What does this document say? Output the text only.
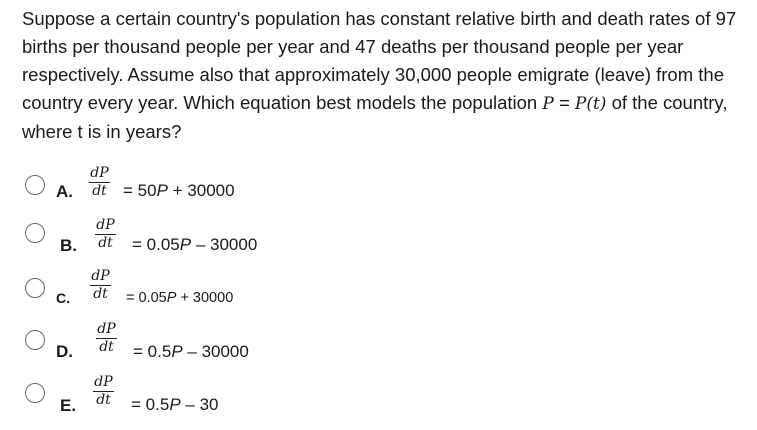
Suppose a certain country's population has constant relative birth and death rates of 97 births per thousand people per year and 47 deaths per thousand people per year respectively. Assume also that approximately 30,000 people emigrate (leave) from the country every year. Which equation best models the population P = P(t) of the country, where t is in years?

A.
dP
dt = 50P + 30000
B.
dP
dt = 0.05P – 30000
C.
dP
dt = 0.05P + 30000
D.
dP
dt = 0.5P – 30000
E.
dP
dt = 0.5P – 30
